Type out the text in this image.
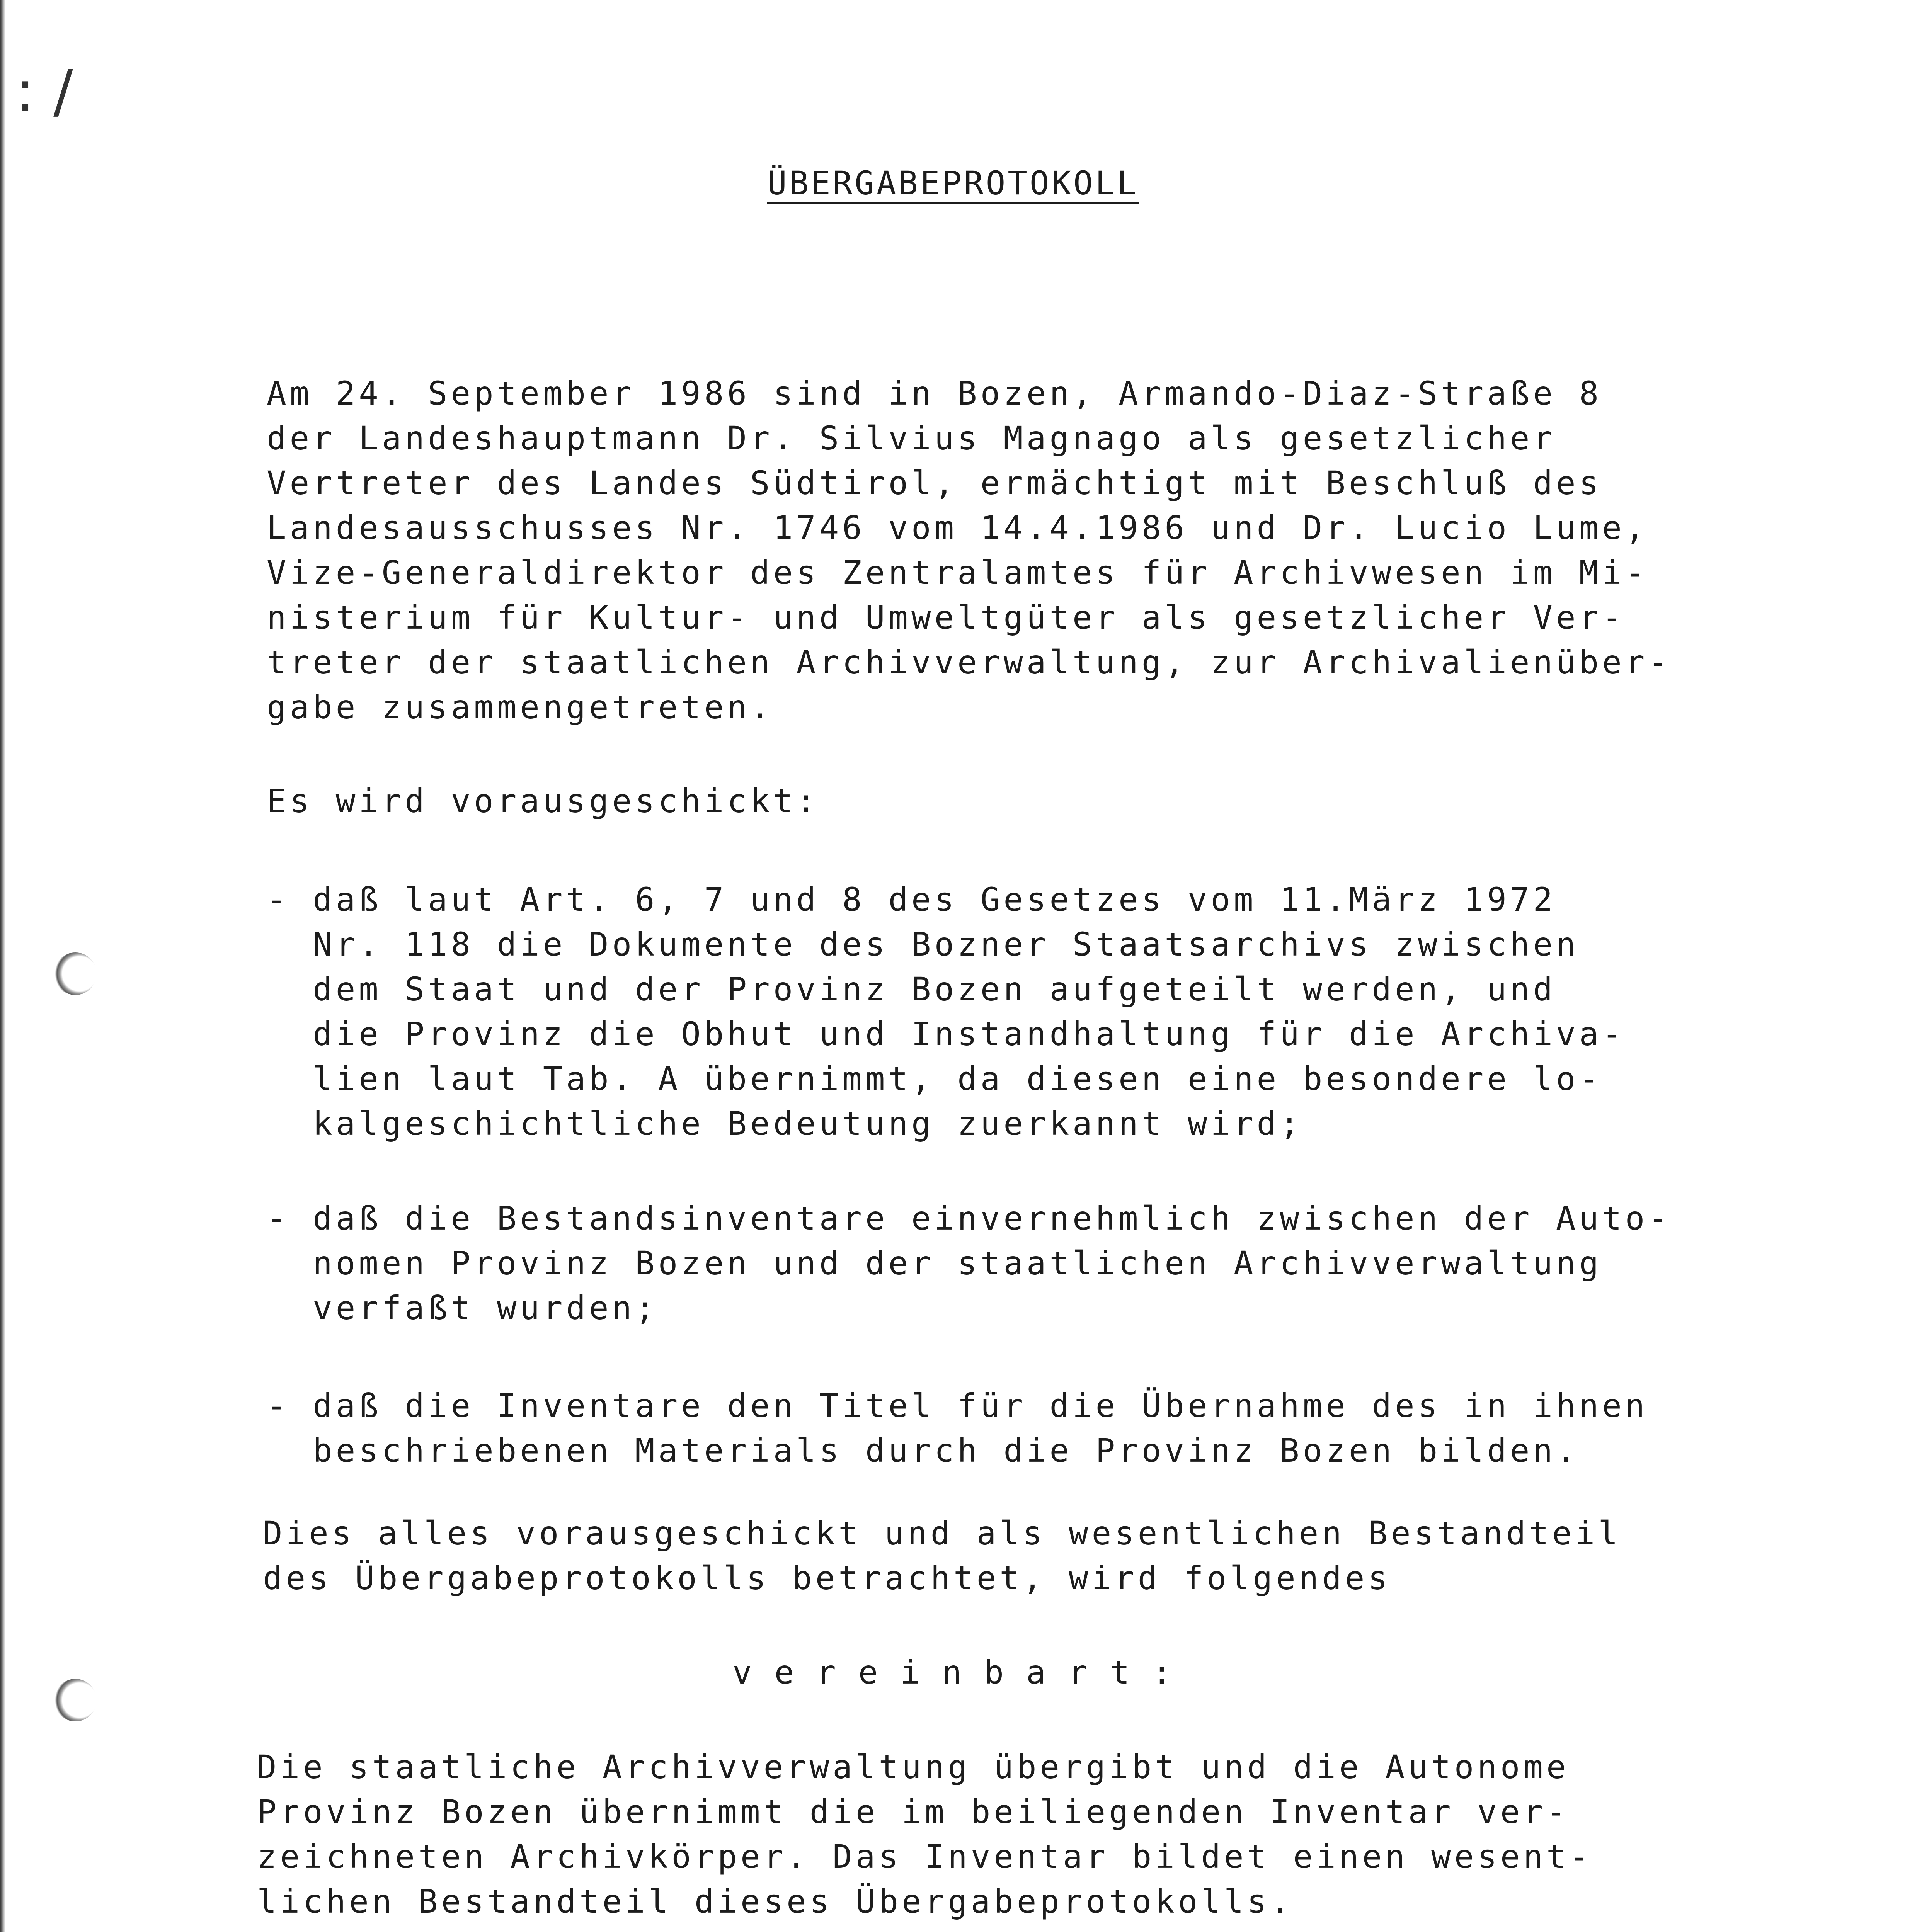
: /
ÜBERGABEPROTOKOLL
Am 24. September 1986 sind in Bozen, Armando-Diaz-Straße 8
der Landeshauptmann Dr. Silvius Magnago als gesetzlicher
Vertreter des Landes Südtirol, ermächtigt mit Beschluß des
Landesausschusses Nr. 1746 vom 14.4.1986 und Dr. Lucio Lume,
Vize-Generaldirektor des Zentralamtes für Archivwesen im Mi-
nisterium für Kultur- und Umweltgüter als gesetzlicher Ver-
treter der staatlichen Archivverwaltung, zur Archivalienüber-
gabe zusammengetreten.
Es wird vorausgeschickt:
- daß laut Art. 6, 7 und 8 des Gesetzes vom 11.März 1972
Nr. 118 die Dokumente des Bozner Staatsarchivs zwischen
dem Staat und der Provinz Bozen aufgeteilt werden, und
die Provinz die Obhut und Instandhaltung für die Archiva-
lien laut Tab. A übernimmt, da diesen eine besondere lo-
kalgeschichtliche Bedeutung zuerkannt wird;
- daß die Bestandsinventare einvernehmlich zwischen der Auto-
nomen Provinz Bozen und der staatlichen Archivverwaltung
verfaßt wurden;
- daß die Inventare den Titel für die Übernahme des in ihnen
beschriebenen Materials durch die Provinz Bozen bilden.
Dies alles vorausgeschickt und als wesentlichen Bestandteil
des Übergabeprotokolls betrachtet, wird folgendes
vereinbart:
Die staatliche Archivverwaltung übergibt und die Autonome
Provinz Bozen übernimmt die im beiliegenden Inventar ver-
zeichneten Archivkörper. Das Inventar bildet einen wesent-
lichen Bestandteil dieses Übergabeprotokolls.
